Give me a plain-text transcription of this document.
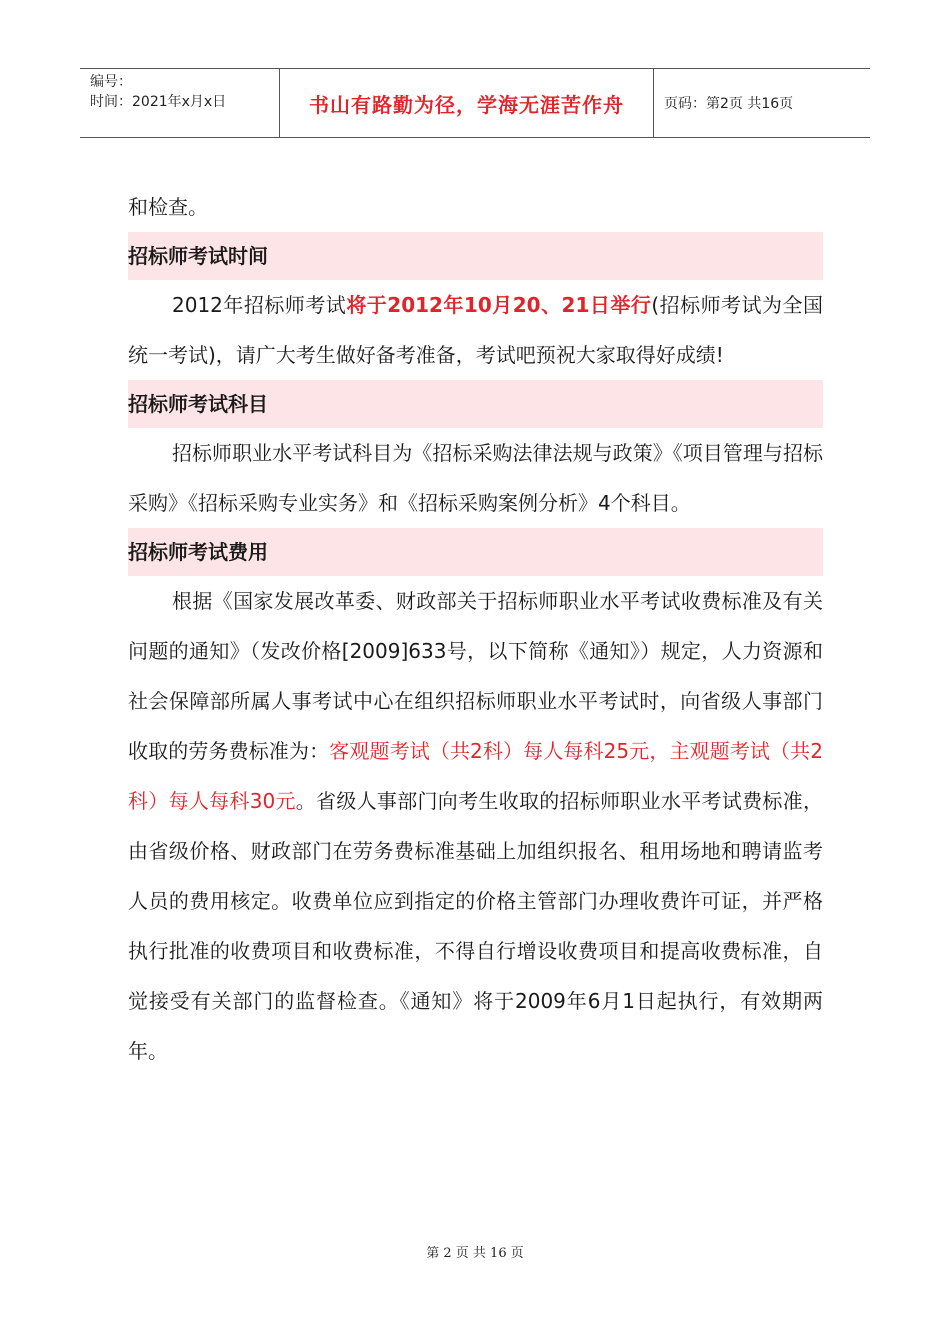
编号：
时间：2021年x月x日	书山有路勤为径，学海无涯苦作舟	页码：第2页 共16页

和检查。

招标师考试时间

2012年招标师考试将于2012年10月20、21日举行(招标师考试为全国统一考试)，请广大考生做好备考准备，考试吧预祝大家取得好成绩!

招标师考试科目

招标师职业水平考试科目为《招标采购法律法规与政策》《项目管理与招标采购》《招标采购专业实务》和《招标采购案例分析》4个科目。

招标师考试费用

根据《国家发展改革委、财政部关于招标师职业水平考试收费标准及有关问题的通知》（发改价格[2009]633号，以下简称《通知》）规定，人力资源和社会保障部所属人事考试中心在组织招标师职业水平考试时，向省级人事部门收取的劳务费标准为：客观题考试（共2科）每人每科25元，主观题考试（共2科）每人每科30元。省级人事部门向考生收取的招标师职业水平考试费标准，由省级价格、财政部门在劳务费标准基础上加组织报名、租用场地和聘请监考人员的费用核定。收费单位应到指定的价格主管部门办理收费许可证，并严格执行批准的收费项目和收费标准，不得自行增设收费项目和提高收费标准，自觉接受有关部门的监督检查。《通知》将于2009年6月1日起执行，有效期两年。

第 2 页 共 16 页
